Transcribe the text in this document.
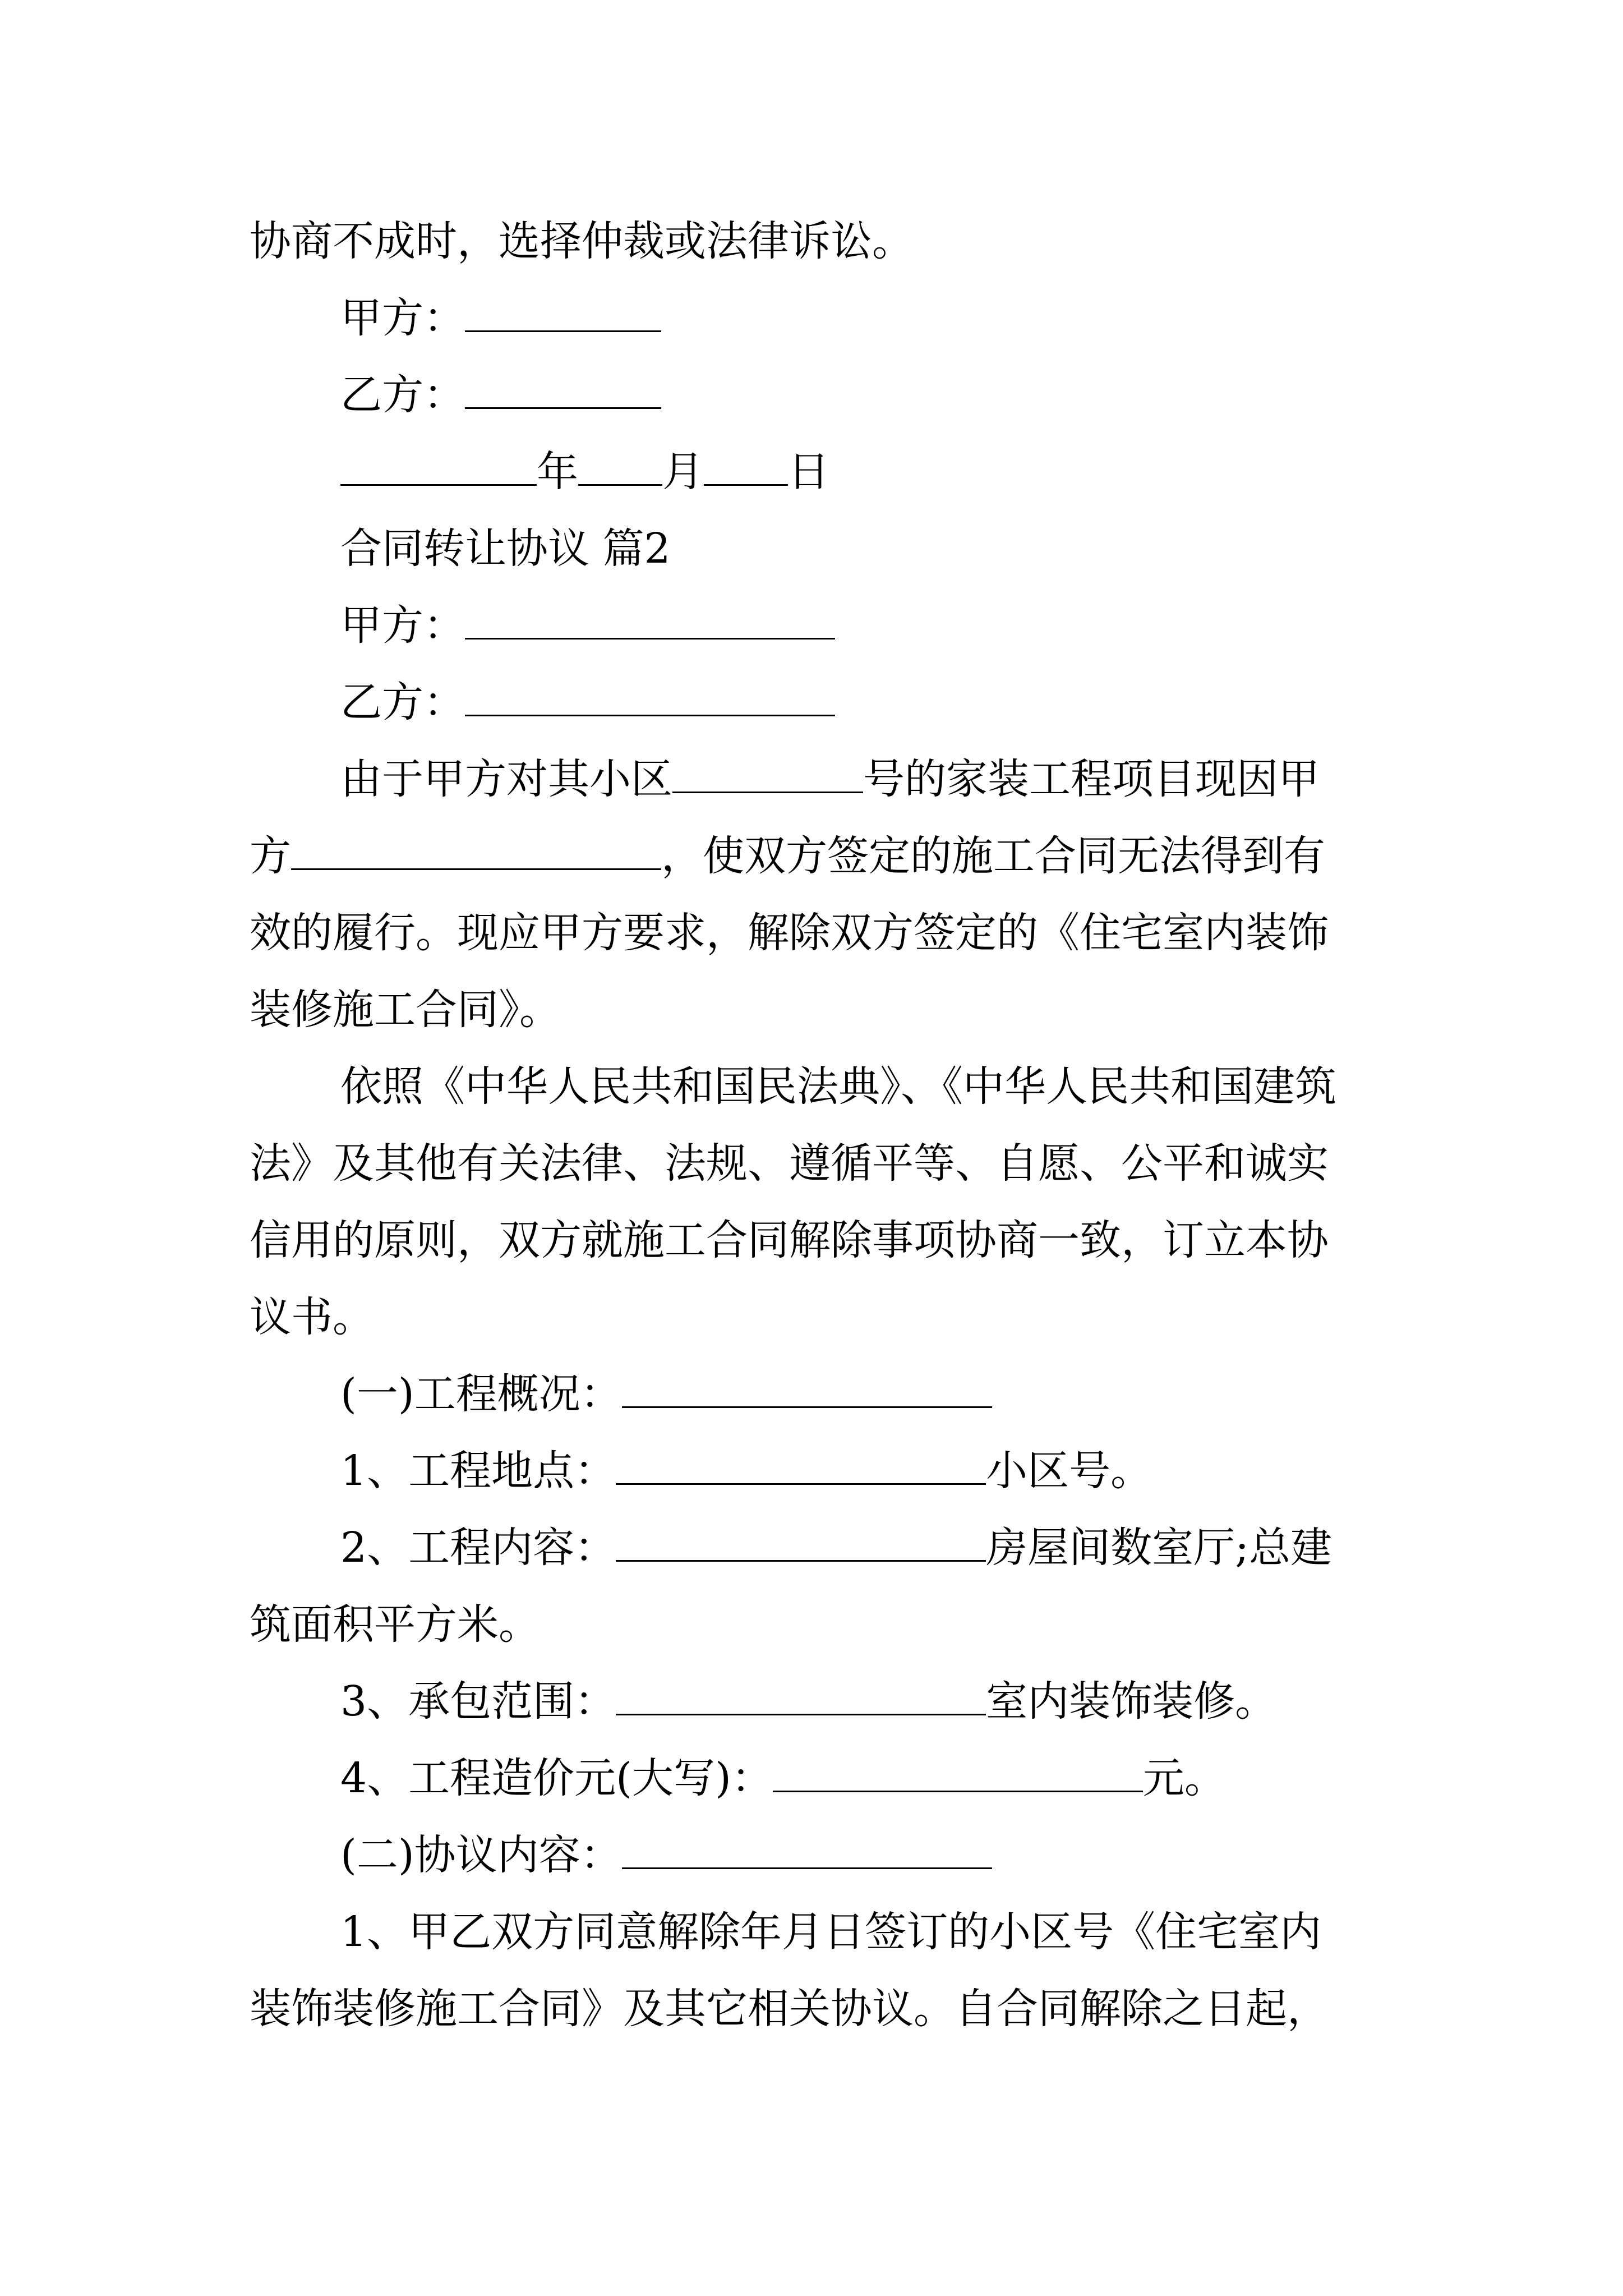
协商不成时，选择仲裁或法律诉讼。
甲方：
乙方：
年 月 日
合同转让协议 篇2
甲方：
乙方：
由于甲方对其小区	号的家装工程项目现因甲
方	，使双方签定的施工合同无法得到有
效的履行。现应甲方要求，解除双方签定的《住宅室内装饰
装修施工合同》。
依照《中华人民共和国民法典》、《中华人民共和国建筑
法》及其他有关法律、法规、遵循平等、自愿、公平和诚实
信用的原则，双方就施工合同解除事项协商一致，订立本协
议书。
(一)工程概况：
1、工程地点：	小区号。
2、工程内容：	房屋间数室厅;总建
筑面积平方米。
3、承包范围：	室内装饰装修。
4、工程造价元(大写)：	元。
(二)协议内容：
1、甲乙双方同意解除年月日签订的小区号《住宅室内
装饰装修施工合同》及其它相关协议。自合同解除之日起，
